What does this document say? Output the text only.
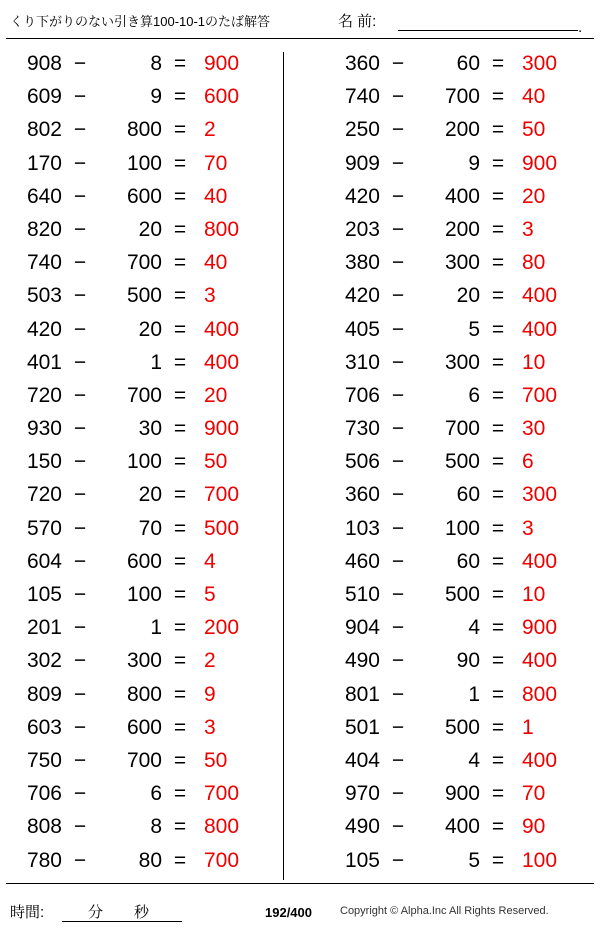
くり下がりのない引き算100-10-1のたば解答	名 前:	.
908 −	8 = 900
609 −	9 = 600
802 −	800 = 2
170 −	100 = 70
640 −	600 = 40
820 −	20 = 800
740 −	700 = 40
503 −	500 = 3
420 −	20 = 400
401 −	1 = 400
720 −	700 = 20
930 −	30 = 900
150 −	100 = 50
720 −	20 = 700
570 −	70 = 500
604 −	600 = 4
105 −	100 = 5
201 −	1 = 200
302 −	300 = 2
809 −	800 = 9
603 −	600 = 3
750 −	700 = 50
706 −	6 = 700
808 −	8 = 800
780 −	80 = 700
360 −	60 = 300
740 −	700 = 40
250 −	200 = 50
909 −	9 = 900
420 −	400 = 20
203 −	200 = 3
380 −	300 = 80
420 −	20 = 400
405 −	5 = 400
310 −	300 = 10
706 −	6 = 700
730 −	700 = 30
506 −	500 = 6
360 −	60 = 300
103 −	100 = 3
460 −	60 = 400
510 −	500 = 10
904 −	4 = 900
490 −	90 = 400
801 −	1 = 800
501 −	500 = 1
404 −	4 = 400
970 −	900 = 70
490 −	400 = 90
105 −	5 = 100
時間:	分 秒	192/400	Copyright © Alpha.Inc All Rights Reserved.
